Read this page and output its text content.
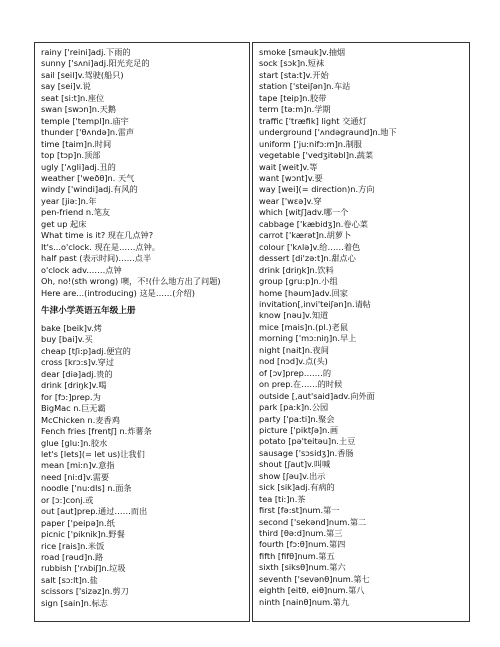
rainy ['reini]adj.下雨的
sunny ['sʌni]adj.阳光充足的
sail [seil]v.驾驶(船只)
say [sei]v.说
seat [si:t]n.座位
swan [swɔn]n.天鹅
temple ['templ]n.庙宇
thunder ['θʌndə]n.雷声
time [taim]n.时间
top [tɔp]n.顶部
ugly ['ʌgli]adj.丑的
weather ['weðθ]n. 天气
windy ['windi]adj.有风的
year [jiə:]n.年
pen-friend n.笔友
get up 起床
What time is it? 现在几点钟?
It's...o'clock. 现在是……点钟。
half past (表示时间)……点半
o'clock adv.……点钟
Oh, no!(sth wrong) 噢，不!(什么地方出了问题)
Here are...(introducing) 这是……(介绍)
牛津小学英语五年级上册
bake [beik]v.烤
buy [bai]v.买
cheap [tʃi:p]adj.便宜的
cross [krɔ:s]v.穿过
dear [diə]adj.贵的
drink [driŋk]v.喝
for [fɔ:]prep.为
BigMac n.巨无霸
McChicken n.麦香鸡
Fench fries [frentʃ] n.炸薯条
glue [glu:]n.胶水
let's [lets](= let us)让我们
mean [mi:n]v.意指
need [ni:d]v.需要
noodle ['nu:dls] n.面条
or [ɔ:]conj.或
out [aut]prep.通过……而出
paper ['peipə]n.纸
picnic ['piknik]n.野餐
rice [rais]n.米饭
road [rəud]n.路
rubbish ['rʌbiʃ]n.垃圾
salt [sɔ:lt]n.盐
scissors ['sizəz]n.剪刀
sign [sain]n.标志
smoke [sməuk]v.抽烟
sock [sɔk]n.短袜
start [sta:t]v.开始
station ['steiʃən]n.车站
tape [teip]n.胶带
term [tə:m]n.学期
traffic ['træfik] light 交通灯
underground ['ʌndəgraund]n.地下
uniform ['ju:nifɔ:m]n.制服
vegetable ['vedʒitəbl]n.蔬菜
wait [weit]v.等
want [wɔnt]v.要
way [wei](= direction)n.方向
wear ['wɛə]v.穿
which [witʃ]adv.哪一个
cabbage ['kæbidʒ]n.卷心菜
carrot ['kærət]n.胡萝卜
colour ['kʌlə]v.给……着色
dessert [di'zə:t]n.甜点心
drink [driŋk]n.饮料
group [gru:p]n.小组
home [həum]adv.回家
invitation[,invi'teiʃən]n.请帖
know [nəu]v.知道
mice [mais]n.(pl.)老鼠
morning ['mɔ:niŋ]n.早上
night [nait]n.夜间
nod [nɔd]v.点(头)
of [ɔv]prep.……的
on prep.在……的时候
outside [,aut'said]adv.向外面
park [pa:k]n.公园
party ['pa:ti]n.聚会
picture ['piktʃə]n.画
potato [pə'teitəu]n.土豆
sausage ['sɔsidʒ]n.香肠
shout [ʃaut]v.叫喊
show [ʃəu]v.出示
sick [sik]adj.有病的
tea [ti:]n.茶
first [fə:st]num.第一
second ['sekənd]num.第二
third [θə:d]num.第三
fourth [fɔ:θ]num.第四
fifth [fifθ]num.第五
sixth [siksθ]num.第六
seventh ['sevənθ]num.第七
eighth [eitθ, eiθ]num.第八
ninth [nainθ]num.第九
